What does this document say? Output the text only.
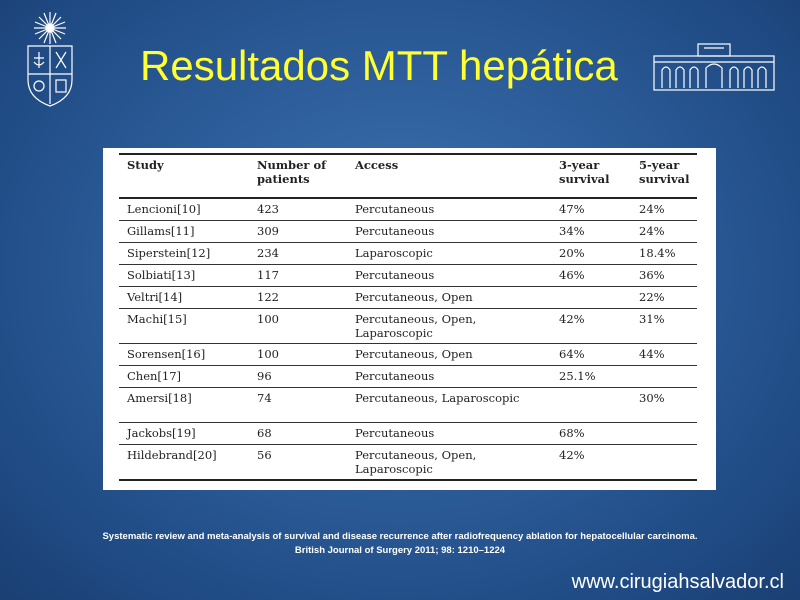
Resultados MTT hepática
Study	Number of patients	Access	3-year survival	5-year survival
Lencioni[10]	423	Percutaneous	47%	24%
Gillams[11]	309	Percutaneous	34%	24%
Siperstein[12]	234	Laparoscopic	20%	18.4%
Solbiati[13]	117	Percutaneous	46%	36%
Veltri[14]	122	Percutaneous, Open		22%
Machi[15]	100	Percutaneous, Open, Laparoscopic	42%	31%
Sorensen[16]	100	Percutaneous, Open	64%	44%
Chen[17]	96	Percutaneous	25.1%	
Amersi[18]	74	Percutaneous, Laparoscopic		30%
Jackobs[19]	68	Percutaneous	68%	
Hildebrand[20]	56	Percutaneous, Open, Laparoscopic	42%	
Systematic review and meta-analysis of survival and disease recurrence after radiofrequency ablation for hepatocellular carcinoma.
British Journal of Surgery 2011; 98: 1210–1224
www.cirugiahsalvador.cl
